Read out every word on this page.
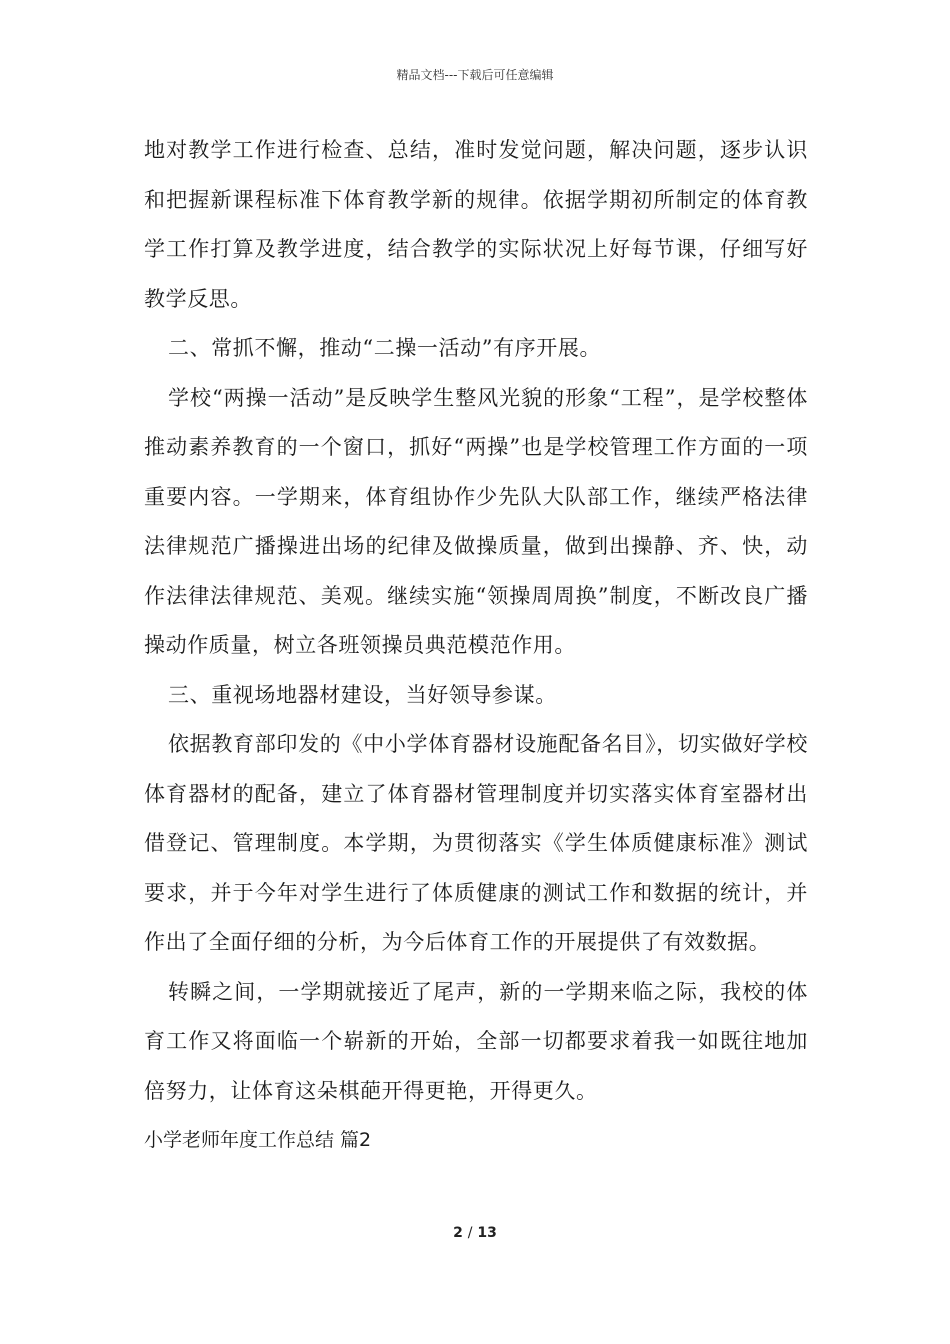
精品文档---下载后可任意编辑

地对教学工作进行检查、总结，准时发觉问题，解决问题，逐步认识和把握新课程标准下体育教学新的规律。依据学期初所制定的体育教学工作打算及教学进度，结合教学的实际状况上好每节课，仔细写好教学反思。

二、常抓不懈，推动“二操一活动”有序开展。

学校“两操一活动”是反映学生整风光貌的形象“工程”，是学校整体推动素养教育的一个窗口，抓好“两操”也是学校管理工作方面的一项重要内容。一学期来，体育组协作少先队大队部工作，继续严格法律法律规范广播操进出场的纪律及做操质量，做到出操静、齐、快，动作法律法律规范、美观。继续实施“领操周周换”制度，不断改良广播操动作质量，树立各班领操员典范模范作用。

三、重视场地器材建设，当好领导参谋。

依据教育部印发的《中小学体育器材设施配备名目》，切实做好学校体育器材的配备，建立了体育器材管理制度并切实落实体育室器材出借登记、管理制度。本学期，为贯彻落实《学生体质健康标准》测试要求，并于今年对学生进行了体质健康的测试工作和数据的统计，并作出了全面仔细的分析，为今后体育工作的开展提供了有效数据。

转瞬之间，一学期就接近了尾声，新的一学期来临之际，我校的体育工作又将面临一个崭新的开始，全部一切都要求着我一如既往地加倍努力，让体育这朵棋葩开得更艳，开得更久。

小学老师年度工作总结 篇2

2 / 13
